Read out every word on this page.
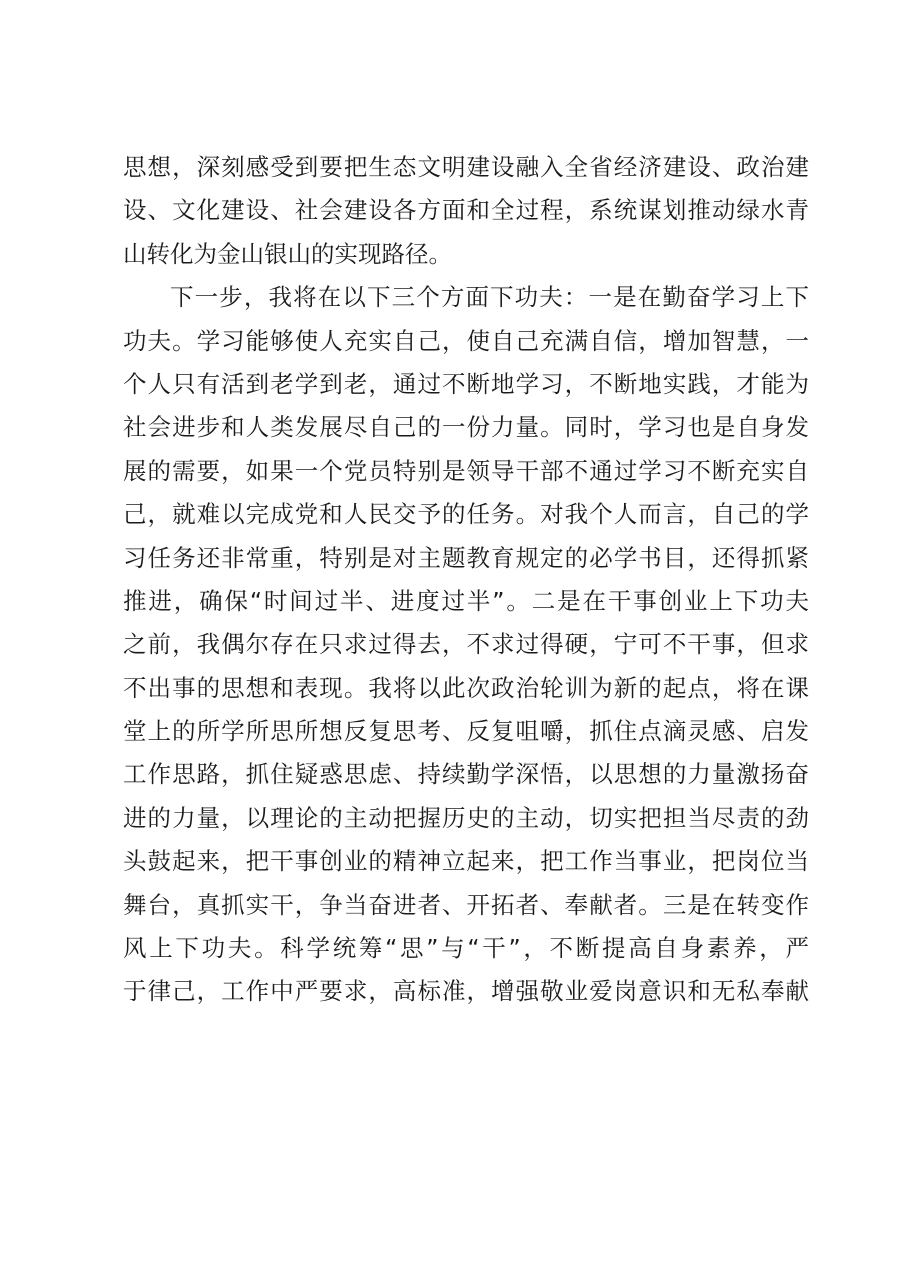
思想，深刻感受到要把生态文明建设融入全省经济建设、政治建
设、文化建设、社会建设各方面和全过程，系统谋划推动绿水青
山转化为金山银山的实现路径。
下一步，我将在以下三个方面下功夫：一是在勤奋学习上下
功夫。学习能够使人充实自己，使自己充满自信，增加智慧，一
个人只有活到老学到老，通过不断地学习，不断地实践，才能为
社会进步和人类发展尽自己的一份力量。同时，学习也是自身发
展的需要，如果一个党员特别是领导干部不通过学习不断充实自
己，就难以完成党和人民交予的任务。对我个人而言，自己的学
习任务还非常重，特别是对主题教育规定的必学书目，还得抓紧
推进，确保“时间过半、进度过半”。二是在干事创业上下功夫
之前，我偶尔存在只求过得去，不求过得硬，宁可不干事，但求
不出事的思想和表现。我将以此次政治轮训为新的起点，将在课
堂上的所学所思所想反复思考、反复咀嚼，抓住点滴灵感、启发
工作思路，抓住疑惑思虑、持续勤学深悟，以思想的力量激扬奋
进的力量，以理论的主动把握历史的主动，切实把担当尽责的劲
头鼓起来，把干事创业的精神立起来，把工作当事业，把岗位当
舞台，真抓实干，争当奋进者、开拓者、奉献者。三是在转变作
风上下功夫。科学统筹“思”与“干”，不断提高自身素养，严
于律己，工作中严要求，高标准，增强敬业爱岗意识和无私奉献
